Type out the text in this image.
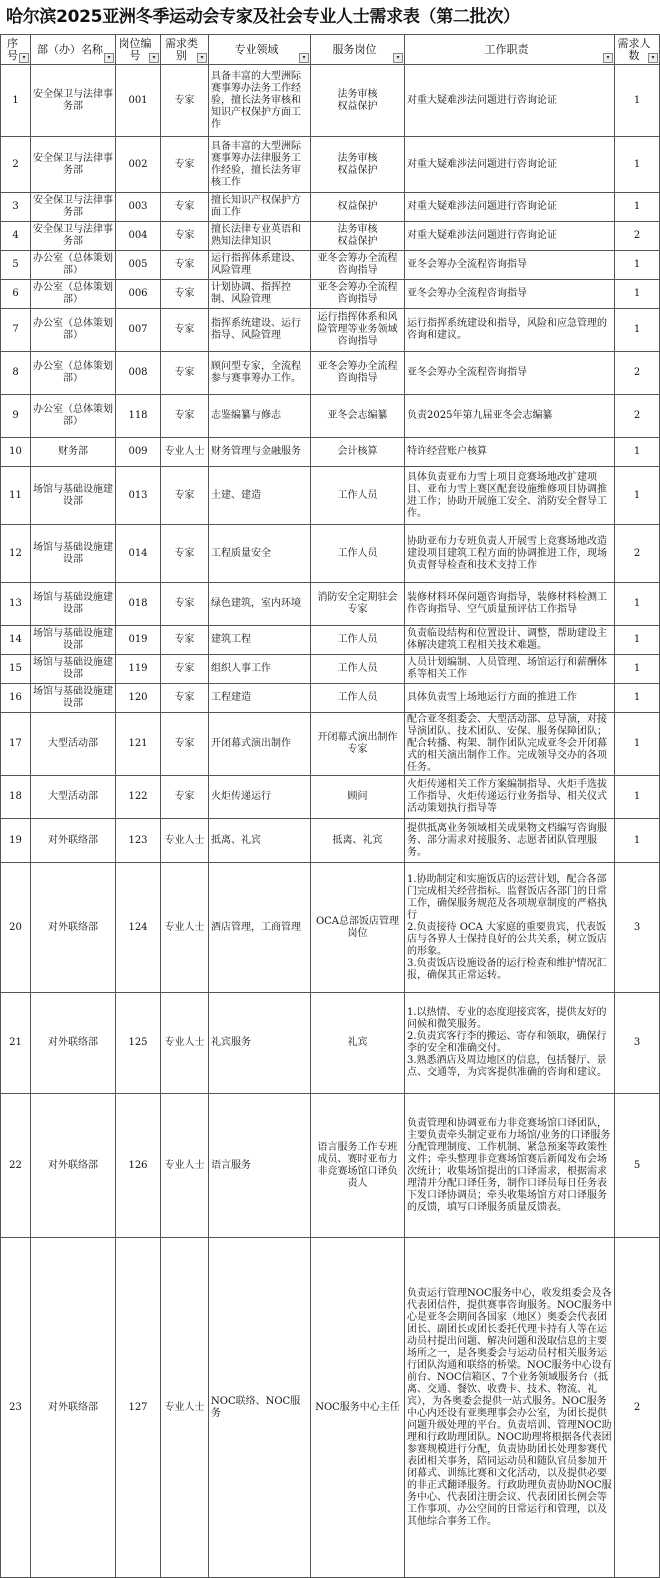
哈尔滨2025亚洲冬季运动会专家及社会专业人士需求表（第二批次）
序号 ▾	部（办）名称
▾	岗位编号 ▾	需求类别 ▾	专业领域
▾	服务岗位
▾	工作职责
▾	需求人数 ▾

1	安全保卫与法律事务部	001	专家	具备丰富的大型洲际赛事筹办法务工作经验，擅长法务审核和知识产权保护方面工作	法务审核
权益保护	对重大疑难涉法问题进行咨询论证	1
2	安全保卫与法律事务部	002	专家	具备丰富的大型洲际赛事筹办法律服务工作经验，擅长法务审核工作	法务审核
权益保护	对重大疑难涉法问题进行咨询论证	1
3	安全保卫与法律事务部	003	专家	擅长知识产权保护方面工作	权益保护	对重大疑难涉法问题进行咨询论证	1
4	安全保卫与法律事务部	004	专家	擅长法律专业英语和熟知法律知识	法务审核
权益保护	对重大疑难涉法问题进行咨询论证	2
5	办公室（总体策划部）	005	专家	运行指挥体系建设、风险管理	亚冬会筹办全流程咨询指导	亚冬会筹办全流程咨询指导	1
6	办公室（总体策划部）	006	专家	计划协调、指挥控制、风险管理	亚冬会筹办全流程咨询指导	亚冬会筹办全流程咨询指导	1
7	办公室（总体策划部）	007	专家	指挥系统建设、运行指导、风险管理	运行指挥体系和风险管理等业务领域咨询指导	运行指挥系统建设和指导，风险和应急管理的咨询和建议。	1
8	办公室（总体策划部）	008	专家	顾问型专家，全流程参与赛事筹办工作。	亚冬会筹办全流程咨询指导	亚冬会筹办全流程咨询指导	2
9	办公室（总体策划部）	118	专家	志鉴编纂与修志	亚冬会志编纂	负责2025年第九届亚冬会志编纂	2
10	财务部	009	专业人士	财务管理与金融服务	会计核算	特许经营账户核算	1
11	场馆与基础设施建设部	013	专家	土建、建造	工作人员	具体负责亚布力雪上项目竞赛场地改扩建项目、亚布力雪上赛区配套设施维修项目协调推进工作；协助开展施工安全、消防安全督导工作。	1
12	场馆与基础设施建设部	014	专家	工程质量安全	工作人员	协助亚布力专班负责人开展雪上竞赛场地改造建设项目建筑工程方面的协调推进工作，现场负责督导检查和技术支持工作	2
13	场馆与基础设施建设部	018	专家	绿色建筑，室内环境	消防安全定期驻会专家	装修材料环保问题咨询指导，装修材料检测工作咨询指导、空气质量预评估工作指导	1
14	场馆与基础设施建设部	019	专家	建筑工程	工作人员	负责临设结构和位置设计、调整，帮助建设主体解决建筑工程相关技术难题。	1
15	场馆与基础设施建设部	119	专家	组织人事工作	工作人员	人员计划编制、人员管理、场馆运行和薪酬体系等相关工作	1
16	场馆与基础设施建设部	120	专家	工程建造	工作人员	具体负责雪上场地运行方面的推进工作	1
17	大型活动部	121	专家	开闭幕式演出制作	开闭幕式演出制作专家	配合亚冬组委会、大型活动部、总导演，对接导演团队、技术团队、安保、服务保障团队；配合转播、构架、制作团队完成亚冬会开闭幕式的相关演出制作工作。完成领导交办的各项任务。	1
18	大型活动部	122	专家	火炬传递运行	顾问	火炬传递相关工作方案编制指导、火炬手选拔工作指导、火炬传递运行业务指导、相关仪式活动策划执行指导等	1
19	对外联络部	123	专业人士	抵离、礼宾	抵离、礼宾	提供抵离业务领域相关成果物文档编写咨询服务、部分需求对接服务、志愿者团队管理服务。	1
20	对外联络部	124	专业人士	酒店管理，工商管理	OCA总部饭店管理岗位	1.协助制定和实施饭店的运营计划，配合各部门完成相关经营指标。监督饭店各部门的日常工作，确保服务规范及各项规章制度的严格执行
2.负责接待 OCA 大家庭的重要贵宾，代表饭店与各界人士保持良好的公共关系，树立饭店的形象。
3.负责饭店设施设备的运行检查和维护情况汇报，确保其正常运转。	3
21	对外联络部	125	专业人士	礼宾服务	礼宾	1.以热情、专业的态度迎接宾客，提供友好的问候和微笑服务。
2.负责宾客行李的搬运、寄存和领取，确保行李的安全和准确交付。
3.熟悉酒店及周边地区的信息，包括餐厅、景点、交通等，为宾客提供准确的咨询和建议。	3
22	对外联络部	126	专业人士	语言服务	语言服务工作专班成员、赛时亚布力非竞赛场馆口译负责人	负责管理和协调亚布力非竞赛场馆口译团队，主要负责牵头制定亚布力场馆/业务的口译服务分配管理制度、工作机制、紧急预案等政策性文件；牵头整理非竞赛场馆赛后新闻发布会场次统计；收集场馆提出的口译需求，根据需求理清并分配口译任务，制作口译员每日任务表下发口译协调员；牵头收集场馆方对口译服务的反馈，填写口译服务质量反馈表。	5
23	对外联络部	127	专业人士	NOC联络、NOC服务	NOC服务中心主任	负责运行管理NOC服务中心，收发组委会及各代表团信件，提供赛事咨询服务。NOC服务中心是亚冬会期间各国家（地区）奥委会代表团团长、副团长或团长委托代理卡持有人等在运动员村提出问题、解决问题和汲取信息的主要场所之一，是各奥委会与运动员村相关服务运行团队沟通和联络的桥梁。NOC服务中心设有前台、NOC信箱区、7个业务领域服务台（抵离、交通、餐饮、收费卡、技术、物流、礼宾），为各奥委会提供一站式服务。NOC服务中心内还设有亚奥理事会办公室，为团长提供问题升级处理的平台。负责培训、管理NOC助理和行政助理团队。NOC助理将根据各代表团参赛规模进行分配，负责协助团长处理参赛代表团相关事务，陪同运动员和随队官员参加开闭幕式、训练比赛和文化活动，以及提供必要的非正式翻译服务。行政助理负责协助NOC服务中心、代表团注册会议、代表团团长例会等工作事项、办公空间的日常运行和管理，以及其他综合事务工作。	2
